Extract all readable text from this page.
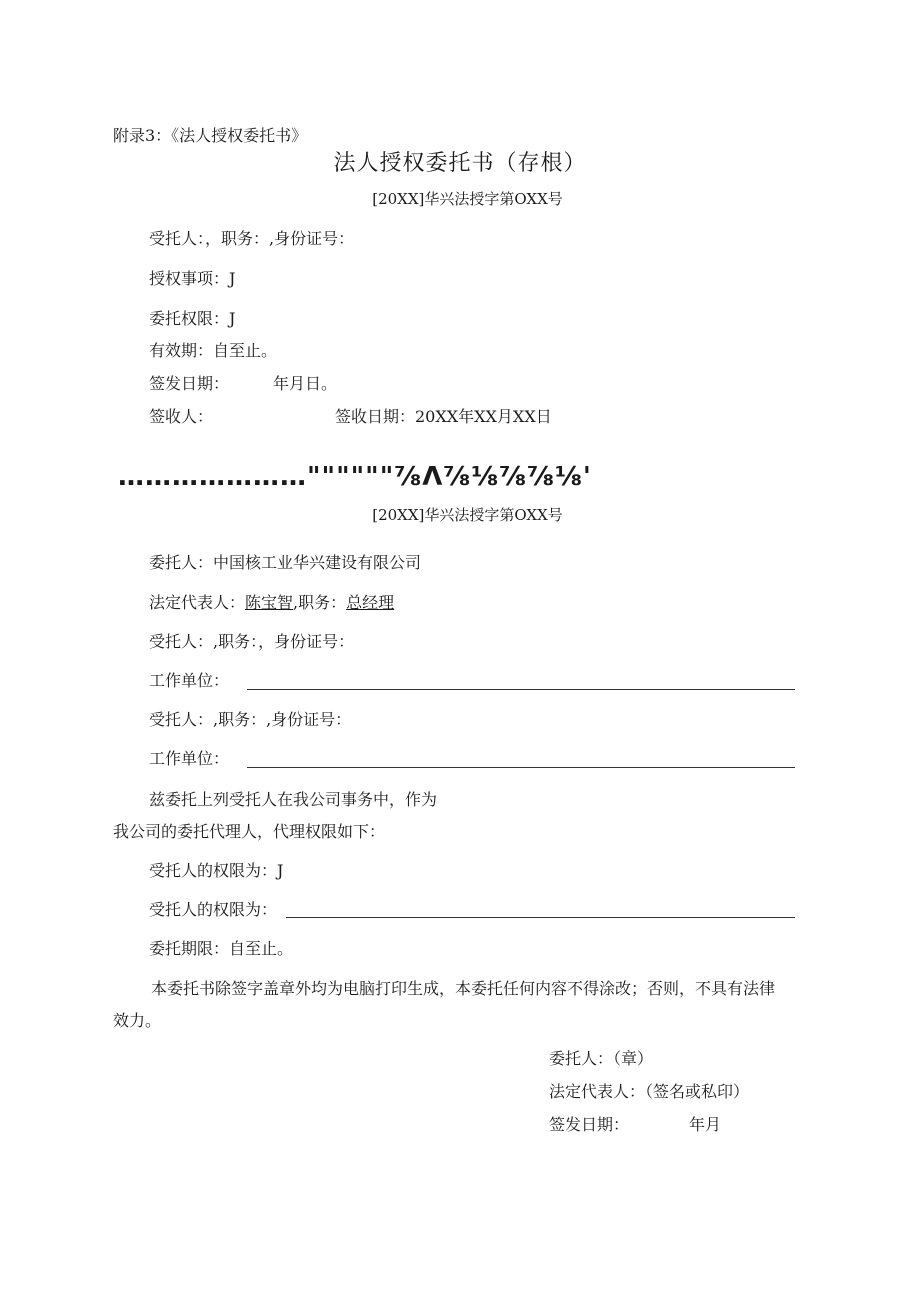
附录3：《法人授权委托书》
法人授权委托书（存根）
[20XX]华兴法授字第OXX号
受托人：，职务：,身份证号：
授权事项：J
委托权限：J
有效期：自至止。
签发日期：	年月日。
签收人：	签收日期：20XX年XX月XX日
…………………""""""⅞Λ⅞⅛⅞⅞⅛'
[20XX]华兴法授字第OXX号
委托人：中国核工业华兴建设有限公司
法定代表人：陈宝智,职务：总经理
受托人：,职务：，身份证号：
工作单位：
受托人：,职务：,身份证号：
工作单位：
兹委托上列受托人在我公司事务中，作为
我公司的委托代理人，代理权限如下：
受托人的权限为：J
受托人的权限为：
委托期限：自至止。
本委托书除签字盖章外均为电脑打印生成，本委托任何内容不得涂改；否则，不具有法律
效力。
委托人：（章）
法定代表人：（签名或私印）
签发日期：	年月
